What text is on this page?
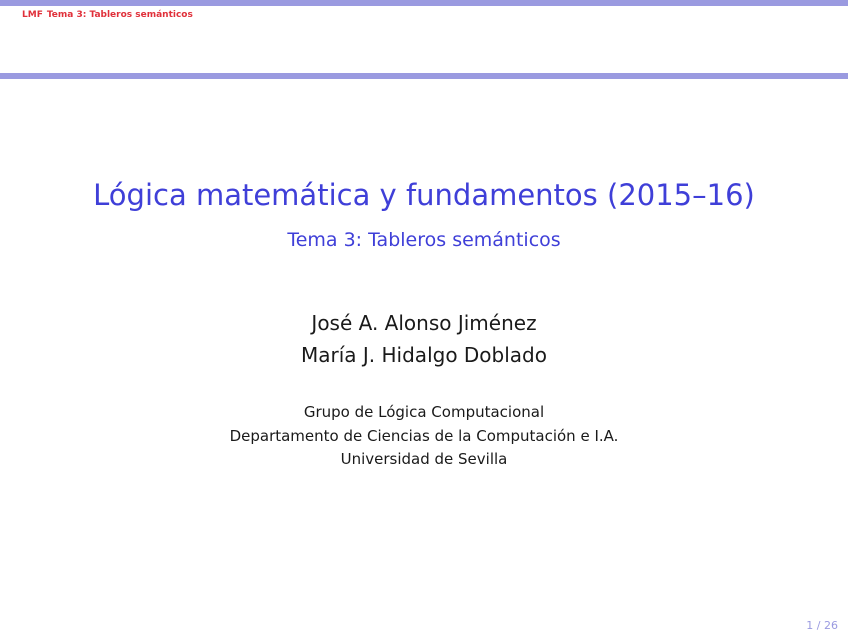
LMF Tema 3: Tableros semánticos
Lógica matemática y fundamentos (2015–16)
Tema 3: Tableros semánticos
José A. Alonso Jiménez
María J. Hidalgo Doblado
Grupo de Lógica Computacional
Departamento de Ciencias de la Computación e I.A.
Universidad de Sevilla
1 / 26
